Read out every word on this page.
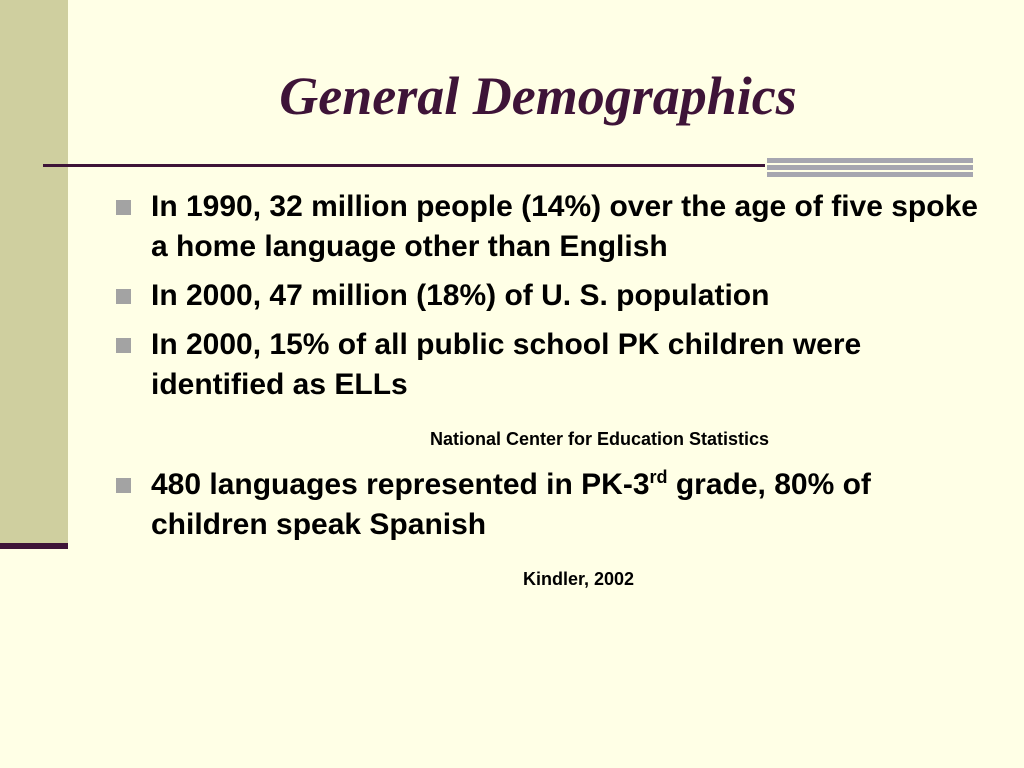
General Demographics
In 1990, 32 million people (14%) over the age of five spoke a home language other than English
In 2000, 47 million (18%) of U. S. population
In 2000, 15% of all public school PK children were identified as ELLs
National Center for Education Statistics
480 languages represented in PK-3rd grade, 80% of children speak Spanish
Kindler, 2002
